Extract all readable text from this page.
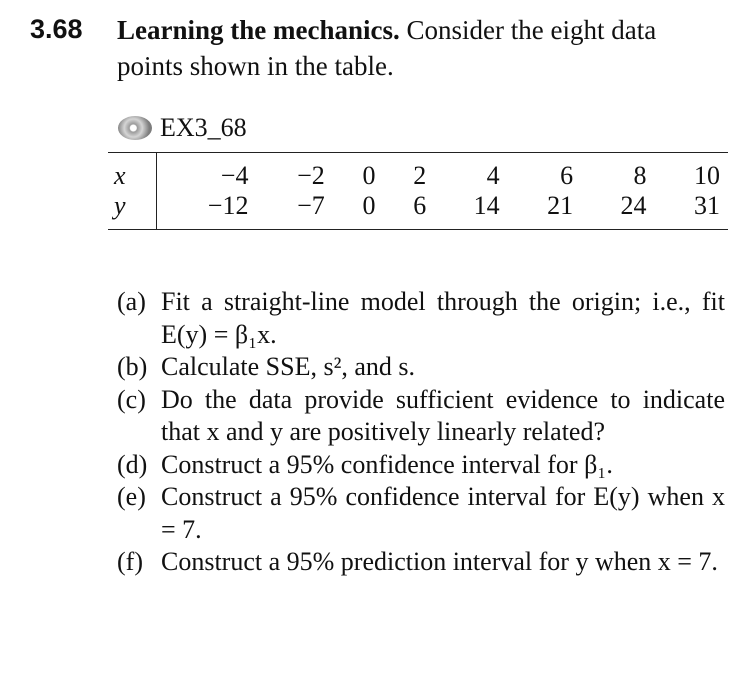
3.68 Learning the mechanics. Consider the eight data points shown in the table.
EX3_68
x	−4	−2	0	2	4	6	8	10
y	−12	−7	0	6	14	21	24	31
(a) Fit a straight-line model through the origin; i.e., fit E(y) = β₁x.
(b) Calculate SSE, s², and s.
(c) Do the data provide sufficient evidence to indicate that x and y are positively linearly related?
(d) Construct a 95% confidence interval for β₁.
(e) Construct a 95% confidence interval for E(y) when x = 7.
(f) Construct a 95% prediction interval for y when x = 7.
